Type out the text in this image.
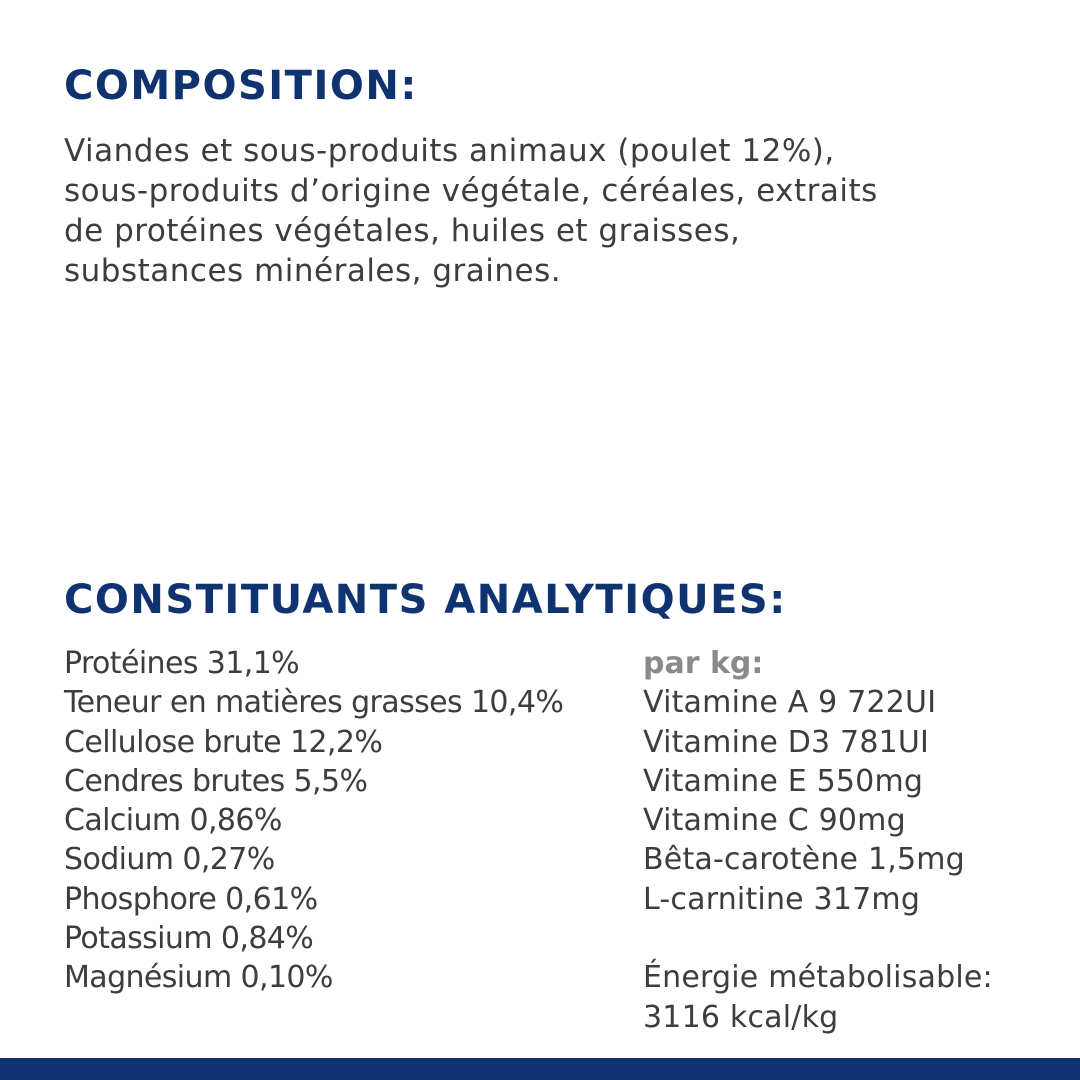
COMPOSITION:

Viandes et sous-produits animaux (poulet 12%),
sous-produits d’origine végétale, céréales, extraits
de protéines végétales, huiles et graisses,
substances minérales, graines.

CONSTITUANTS ANALYTIQUES:
Protéines 31,1%
Teneur en matières grasses 10,4%
Cellulose brute 12,2%
Cendres brutes 5,5%
Calcium 0,86%
Sodium 0,27%
Phosphore 0,61%
Potassium 0,84%
Magnésium 0,10%
par kg:
Vitamine A 9 722UI
Vitamine D3 781UI
Vitamine E 550mg
Vitamine C 90mg
Bêta-carotène 1,5mg
L-carnitine 317mg
Énergie métabolisable:
3116 kcal/kg
